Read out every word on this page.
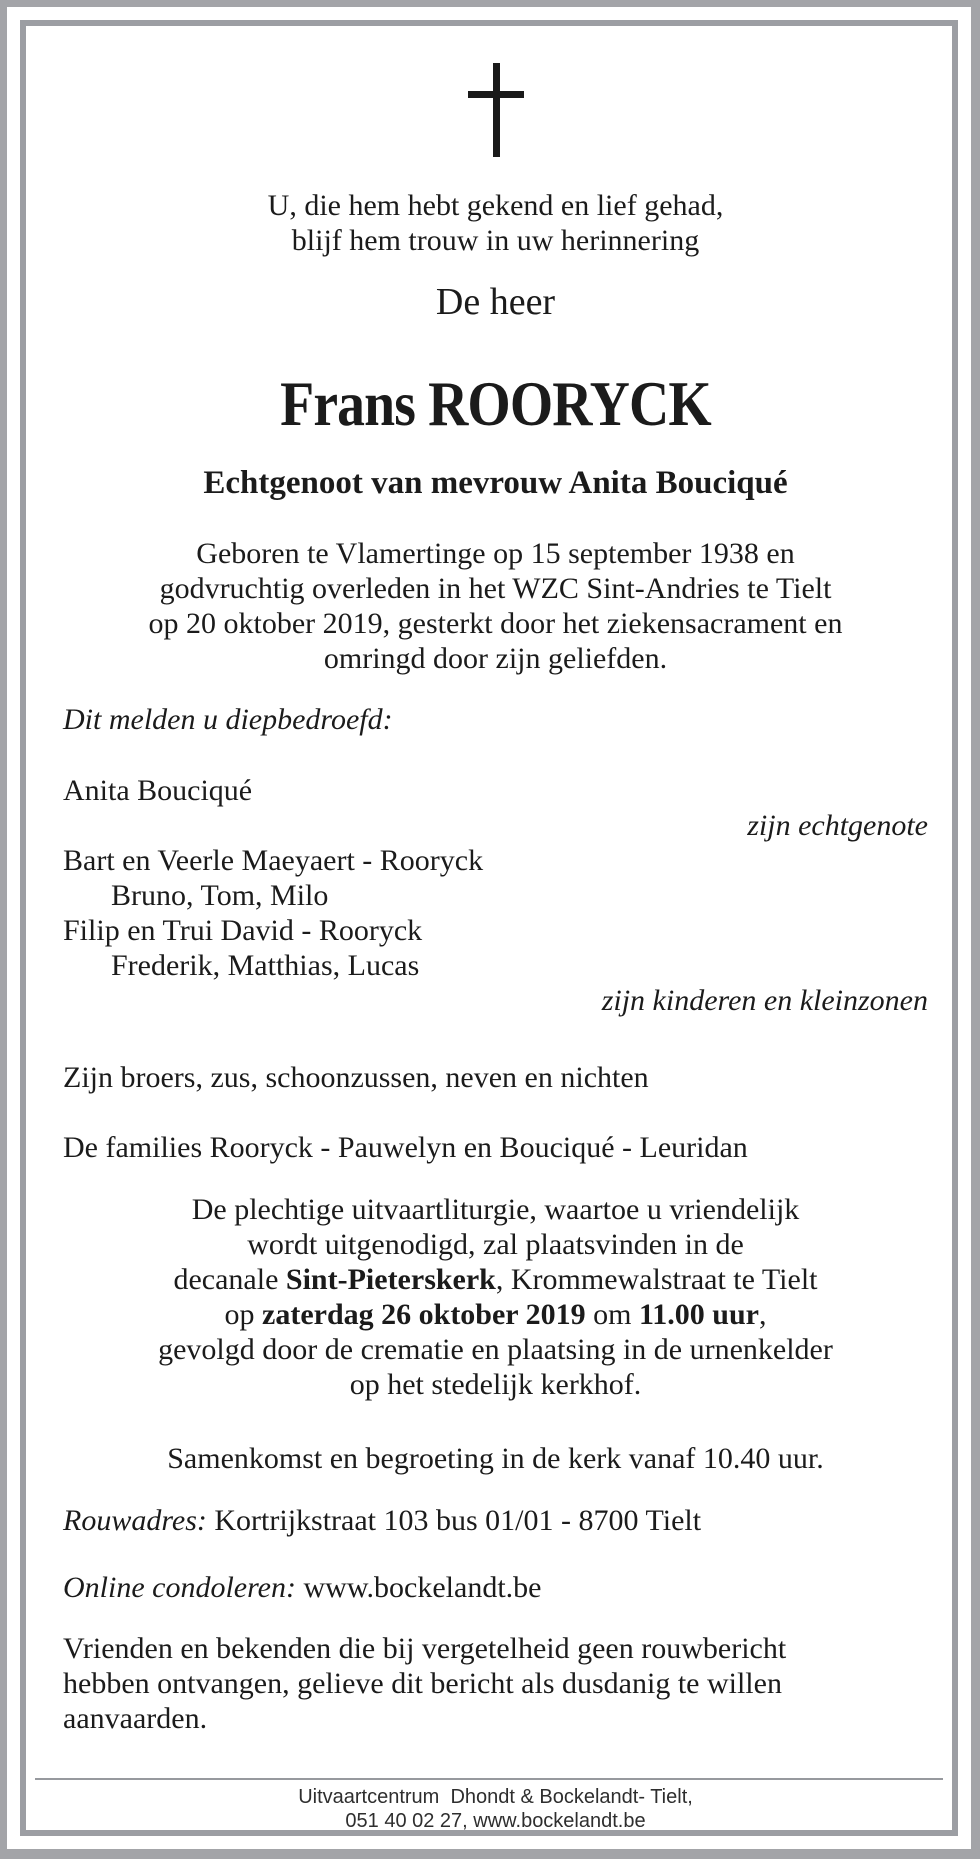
U, die hem hebt gekend en lief gehad,
blijf hem trouw in uw herinnering
De heer
Frans ROORYCK
Echtgenoot van mevrouw Anita Bouciqué
Geboren te Vlamertinge op 15 september 1938 en
godvruchtig overleden in het WZC Sint-Andries te Tielt
op 20 oktober 2019, gesterkt door het ziekensacrament en
omringd door zijn geliefden.
Dit melden u diepbedroefd:
Anita Bouciqué
zijn echtgenote
Bart en Veerle Maeyaert - Rooryck
Bruno, Tom, Milo
Filip en Trui David - Rooryck
Frederik, Matthias, Lucas
zijn kinderen en kleinzonen
Zijn broers, zus, schoonzussen, neven en nichten
De families Rooryck - Pauwelyn en Bouciqué - Leuridan
De plechtige uitvaartliturgie, waartoe u vriendelijk
wordt uitgenodigd, zal plaatsvinden in de
decanale Sint-Pieterskerk, Krommewalstraat te Tielt
op zaterdag 26 oktober 2019 om 11.00 uur,
gevolgd door de crematie en plaatsing in de urnenkelder
op het stedelijk kerkhof.
Samenkomst en begroeting in de kerk vanaf 10.40 uur.
Rouwadres: Kortrijkstraat 103 bus 01/01 - 8700 Tielt
Online condoleren: www.bockelandt.be
Vrienden en bekenden die bij vergetelheid geen rouwbericht
hebben ontvangen, gelieve dit bericht als dusdanig te willen
aanvaarden.
Uitvaartcentrum  Dhondt & Bockelandt- Tielt,
051 40 02 27, www.bockelandt.be
